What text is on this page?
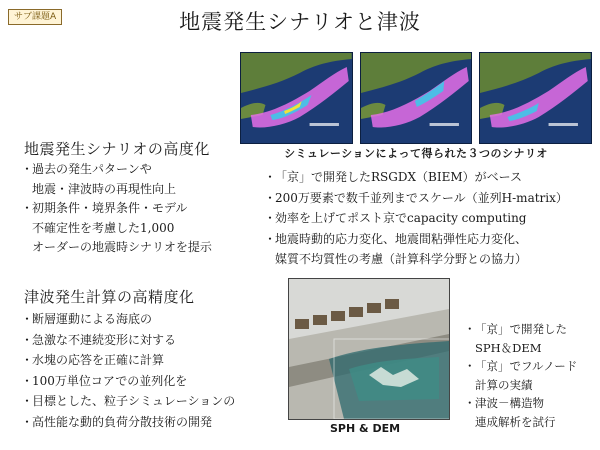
サブ課題A	地震発生シナリオと津波
地震発生シナリオの高度化
・
過去の発生パターンや
地震・津波時の再現性向上
・
初期条件・境界条件・モデル
不確定性を考慮した1,000
オーダーの地震時シナリオを提示
シミュレーションによって得られた３つのシナリオ
・
「京」で開発したRSGDX（BIEM）がベース
・
200万要素で数千並列までスケール（並列H-matrix）
・
効率を上げてポスト京でcapacity computing
・
地震時動的応力変化、地震間粘弾性応力変化、
媒質不均質性の考慮（計算科学分野との協力）
津波発生計算の高精度化
・
断層運動による海底の
・
急激な不連続変形に対する
・
水塊の応答を正確に計算
・
100万単位コアでの並列化を
・
目標とした、粒子シミュレーションの
・
高性能な動的負荷分散技術の開発	SPH & DEM
・ 「京」で開発した
SPH＆DEM
・ 「京」でフルノード
計算の実績
・ 津波－構造物
連成解析を試行
